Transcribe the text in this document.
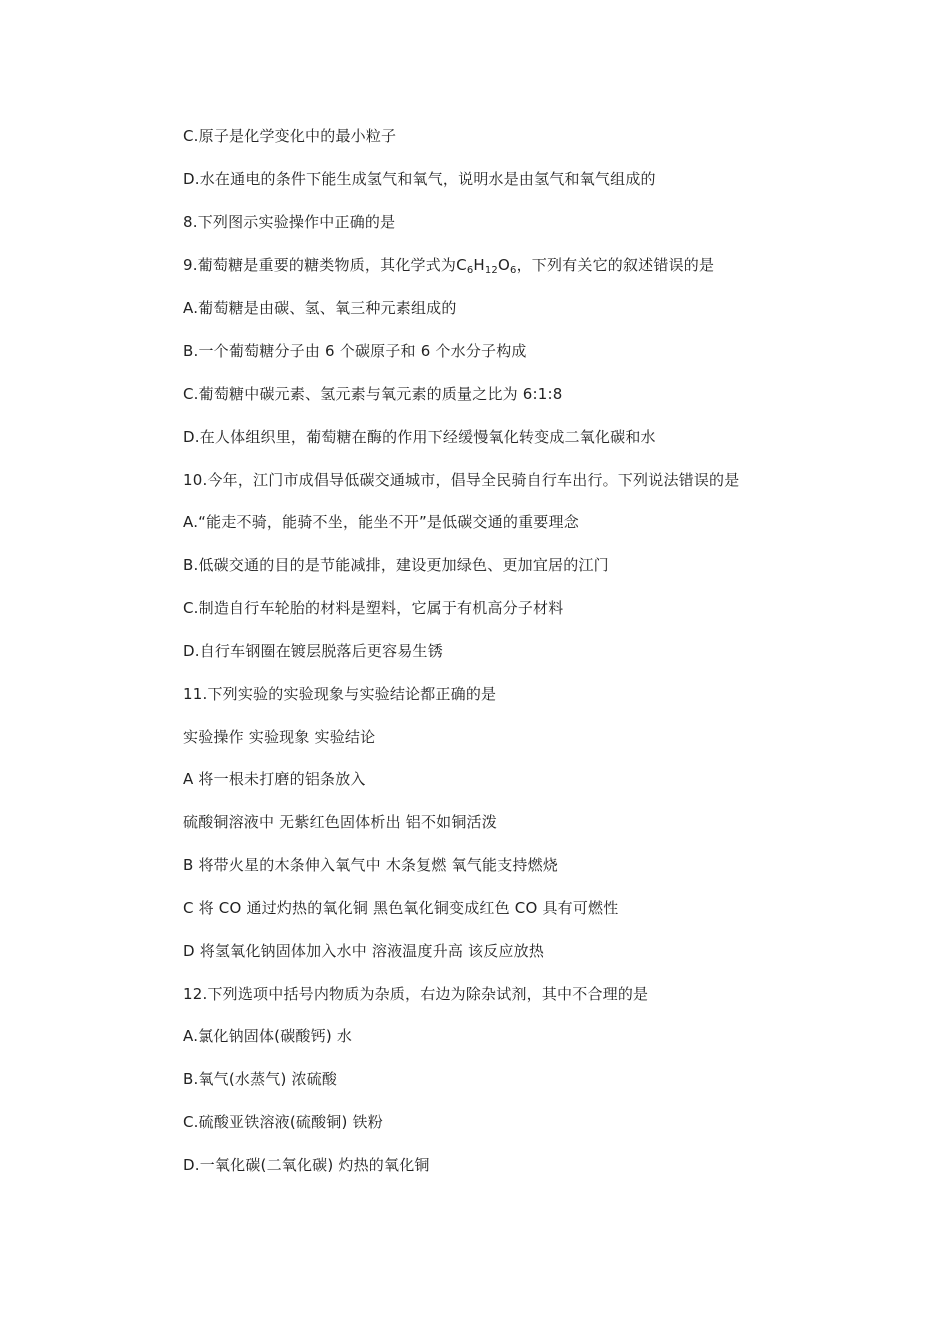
C.原子是化学变化中的最小粒子
D.水在通电的条件下能生成氢气和氧气，说明水是由氢气和氧气组成的
8.下列图示实验操作中正确的是
9.葡萄糖是重要的糖类物质，其化学式为$C_6H_{12}O_6$，下列有关它的叙述错误的是
A.葡萄糖是由碳、氢、氧三种元素组成的
B.一个葡萄糖分子由 6 个碳原子和 6 个水分子构成
C.葡萄糖中碳元素、氢元素与氧元素的质量之比为 6:1:8
D.在人体组织里，葡萄糖在酶的作用下经缓慢氧化转变成二氧化碳和水
10.今年，江门市成倡导低碳交通城市，倡导全民骑自行车出行。下列说法错误的是
A.“能走不骑，能骑不坐，能坐不开”是低碳交通的重要理念
B.低碳交通的目的是节能减排，建设更加绿色、更加宜居的江门
C.制造自行车轮胎的材料是塑料，它属于有机高分子材料
D.自行车钢圈在镀层脱落后更容易生锈
11.下列实验的实验现象与实验结论都正确的是
实验操作 实验现象 实验结论
A 将一根未打磨的铝条放入
硫酸铜溶液中 无紫红色固体析出 铝不如铜活泼
B 将带火星的木条伸入氧气中 木条复燃 氧气能支持燃烧
C 将 CO 通过灼热的氧化铜 黑色氧化铜变成红色 CO 具有可燃性
D 将氢氧化钠固体加入水中 溶液温度升高 该反应放热
12.下列选项中括号内物质为杂质，右边为除杂试剂，其中不合理的是
A.氯化钠固体(碳酸钙) 水
B.氧气(水蒸气) 浓硫酸
C.硫酸亚铁溶液(硫酸铜) 铁粉
D.一氧化碳(二氧化碳) 灼热的氧化铜
